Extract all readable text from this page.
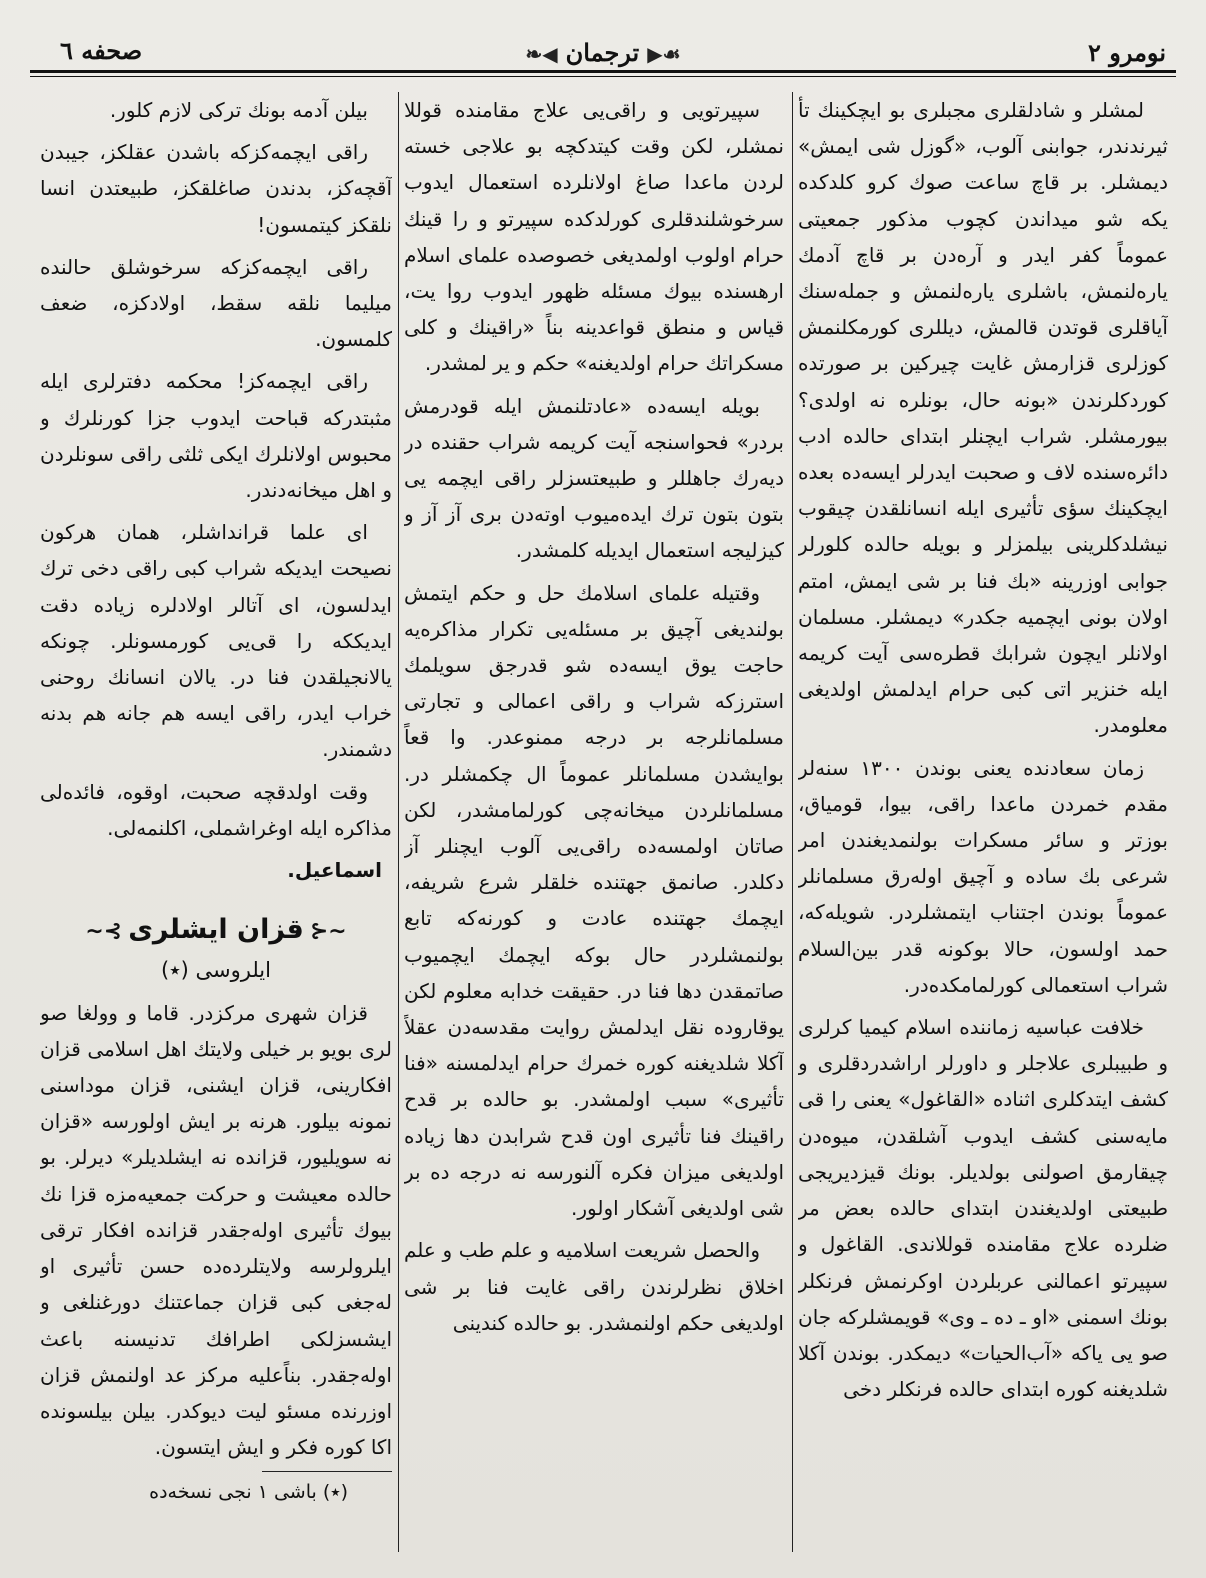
نومرو ۲
☙▶ترجمان◀❧
صحفه ٦

لمشلر و شادلقلری مجبلری بو ایچکینك تأ ثیرندندر، جوابنی آلوب، «گوزل شی ایمش» دیمشلر. بر قاچ ساعت صوك کرو کلدکده یکه شو میداندن کچوب مذکور جمعیتی عموماً کفر ایدر و آره‌دن بر قاچ آدمك یاره‌لنمش، باشلری یاره‌لنمش و جمله‌سنك آیاقلری قوتدن قالمش، دیللری کورمکلنمش کوزلری قزارمش غایت چیرکین بر صورتده کوردکلرندن «بونه حال، بونلره نه اولدی؟ بیورمشلر. شراب ایچنلر ابتدای حالده ادب دائره‌سنده لاف و صحبت ایدرلر ایسه‌ده بعده ایچکینك سؤی تأثیری ایله انسانلقدن چیقوب نیشلدکلرینی بیلمزلر و بویله حالده کلورلر جوابی اوزرینه «بك فنا بر شی ایمش، امتم اولان بونی ایچمیه جکدر» دیمشلر. مسلمان اولانلر ایچون شرابك قطره‌سی آیت کریمه ایله خنزیر اتی کبی حرام ایدلمش اولدیغی معلومدر.

زمان سعادنده یعنی بوندن ۱۳۰۰ سنه‌لر مقدم خمردن ماعدا راقی، بیوا، قومیاق، بوزتر و سائر مسکرات بولنمدیغندن امر شرعی بك ساده و آچیق اوله‌رق مسلمانلر عموماً بوندن اجتناب ایتمشلردر. شویله‌که، حمد اولسون، حالا بوکونه قدر بین‌السلام شراب استعمالی کورلمامکده‌در.

خلافت عباسیه زماننده اسلام کیمیا کرلری و طبیبلری علاجلر و داورلر اراشدردقلری و کشف ایتدکلری اثناده «القاغول» یعنی را قی مایه‌سنی کشف ایدوب آشلقدن، میوه‌دن چیقارمق اصولنی بولدیلر. بونك قیزدیریجی طبیعتی اولدیغندن ابتدای حالده بعض مر ضلرده علاج مقامنده قوللاندی. القاغول و سپیرتو اعمالنی عربلردن اوکرنمش فرنکلر بونك اسمنی «او ـ ده ـ وی» قویمشلرکه جان صو یی یاکه «آب‌الحیات» دیمکدر. بوندن آکلا شلدیغنه کوره ابتدای حالده فرنکلر دخی

سپیرتویی و راقی‌یی علاج مقامنده قوللا نمشلر، لکن وقت کیتدکچه بو علاجی خسته لردن ماعدا صاغ اولانلرده استعمال ایدوب سرخوشلندقلری کورلدکده سپیرتو و را قینك حرام اولوب اولمدیغی خصوصده علمای اسلام ارهسنده بیوك مسئله ظهور ایدوب روا یت، قیاس و منطق قواعدینه بناً «راقینك و کلی مسکراتك حرام اولدیغنه» حکم و یر لمشدر.

بویله ایسه‌ده «عادتلنمش ایله قودرمش بردر» فحواسنجه آیت کریمه شراب حقنده در دیه‌رك جاهللر و طبیعتسزلر راقی ایچمه یی بتون بتون ترك ایده‌میوب اوته‌دن بری آز آز و کیزلیجه استعمال ایدیله کلمشدر.

وقتیله علمای اسلامك حل و حکم ایتمش بولندیغی آچیق بر مسئله‌یی تکرار مذاکره‌یه حاجت یوق ایسه‌ده شو قدرجق سویلمك استرزکه شراب و راقی اعمالی و تجارتی مسلمانلرجه بر درجه ممنوعدر. وا قعاً بوایشدن مسلمانلر عموماً ال چکمشلر در. مسلمانلردن میخانه‌چی کورلمامشدر، لکن صاتان اولمسه‌ده راقی‌یی آلوب ایچنلر آز دکلدر. صانمق جهتنده خلقلر شرع شریفه، ایچمك جهتنده عادت و کورنه‌که تابع بولنمشلردر حال بوکه ایچمك ایچمیوب صاتمقدن دها فنا در. حقیقت خدابه معلوم لکن یوقاروده نقل ایدلمش روایت مقدسه‌دن عقلاً آکلا شلدیغنه کوره خمرك حرام ایدلمسنه «فنا تأثیری» سبب اولمشدر. بو حالده بر قدح راقینك فنا تأثیری اون قدح شرابدن دها زیاده اولدیغی میزان فکره آلنورسه نه درجه ده بر شی اولدیغی آشکار اولور.

والحصل شریعت اسلامیه و علم طب و علم اخلاق نظرلرندن راقی غایت فنا بر شی اولدیغی حکم اولنمشدر. بو حالده کندینی

بیلن آدمه بونك ترکی لازم کلور.

راقی ایچمه‌کزکه باشدن عقلکز، جیبدن آقچه‌کز، بدندن صاغلقکز، طبیعتدن انسا نلقکز کیتمسون!

راقی ایچمه‌کزکه سرخوشلق حالنده میلیما نلقه سقط، اولادکزه، ضعف کلمسون.

راقی ایچمه‌کز! محکمه دفترلری ایله مثبتدرکه قباحت ایدوب جزا کورنلرك و محبوس اولانلرك ایکی ثلثی راقی سونلردن و اهل میخانه‌دندر.

ای علما قرانداشلر، همان هرکون نصیحت ایدیکه شراب کبی راقی دخی ترك ایدلسون، ای آتالر اولادلره زیاده دقت ایدیککه را قی‌یی کورمسونلر. چونکه یالانجیلقدن فنا در. یالان انسانك روحنی خراب ایدر، راقی ایسه هم جانه هم بدنه دشمندر.

وقت اولدقچه صحبت، اوقوه، فائده‌لی مذاکره ایله اوغراشملی، اکلنمه‌لی.

اسماعیل.

∽⊰قزان ایشلری⊱∽
ایلروسی (٭)

قزان شهری مرکزدر. قاما و وولغا صو لری بویو بر خیلی ولایتك اهل اسلامی قزان افکارینی، قزان ایشنی، قزان موداسنی نمونه بیلور. هرنه بر ایش اولورسه «قزان نه سویلیور، قزانده نه ایشلدیلر» دیرلر. بو حالده معیشت و حرکت جمعیه‌مزه قزا نك بیوك تأثیری اوله‌جقدر قزانده افکار ترقی ایلرولرسه ولایتلرده‌ده حسن تأثیری او له‌جغی کبی قزان جماعتنك دورغنلغی و ایشسزلکی اطرافك تدنیسنه باعث اوله‌جقدر. بناًعلیه مرکز عد اولنمش قزان اوزرنده مسئو لیت دیوکدر. بیلن بیلسونده اکا کوره فکر و ایش ایتسون.

(٭) باشی ۱ نجی نسخه‌ده
